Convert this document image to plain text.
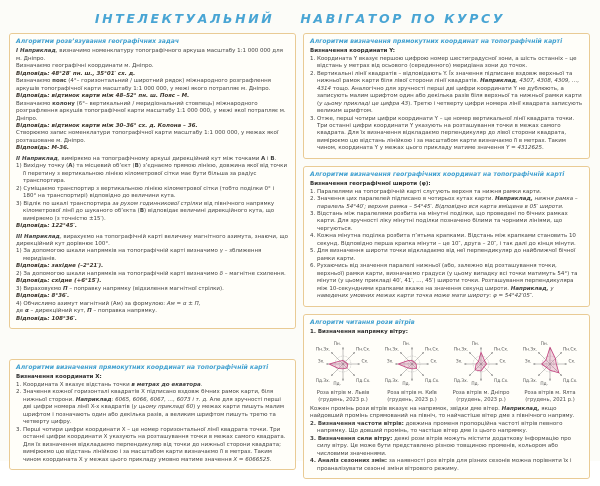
ІНТЕЛЕКТУАЛЬНИЙ НАВІГАТОР ПО КУРСУ
Алгоритми розв’язування географічних задач

І Наприклад, визначимо номенклатуру топографічного аркуша масштабу 1:1 000 000 для м. Дніпро.

Визначаємо географічні координати м. Дніпро.

Відповідь: 48°28′ пн. ш., 35°01′ сх. д.

Визначаємо пояс (4°– горизонтальний / широтний рядок) міжнародного розграфлення аркушів топографічної карти масштабу 1:1 000 000, у межі якого потрапляє м. Дніпро.

Відповідь: відтинок карти між 48–52° пн. ш. Пояс – М.

Визначаємо колону (6°– вертикальний / меридіональний стовпець) міжнародного розграфлення аркушів топографічної карти масштабу 1:1 000 000, у межі якої потрапляє м. Дніпро.

Відповідь: відтинок карти між 30–36° сх. д. Колона – 36.

Створюємо запис номенклатури топографічної карти масштабу 1:1 000 000, у межах якої розташоване м. Дніпро.

Відповідь: М-36.

ІІ Наприклад, виміряємо на топографічному аркуші дирекційний кут між точками А і В.

1) Вихідну точку (А) та місцевий об’єкт (В) з’єднаємо прямою лінією, довжина якої від точки її перетину з вертикальною лінією кілометрової сітки має бути більша за радіус транспортира.

2) Суміщаємо транспортир з вертикальною лінією кілометрової сітки (тобто поділки 0° і 180° на транспортирі) відповідно до величини кута.

3) Відлік по шкалі транспортира за рухом годинникової стрілки від північного напрямку кілометрової лінії до шуканого об’єкта (В) відповідає величині дирекційного кута, що виміряємо (з точністю ±15′).

Відповідь: 122°45′.

ІІІ Наприклад, вирахуємо на топографічній карті величину магнітного азимута, знаючи, що дирекційний кут дорівнює 100°.

1) За допомогою шкали напрямків на топографічній карті визначимо γ – зближення меридіанів.

Відповідь: західне (–2°21′).

2) За допомогою шкали напрямків на топографічній карті визначимо δ – магнітне схилення.

Відповідь: східне (+6°15′).

3) Вираховуємо П – поправку напрямку (відхилення магнітної стрілки).

Відповідь: 8°36′.

4) Обчислимо азимут магнітний (Ам) за формулою: Ам = α ± П,

де α – дирекційний кут, П – поправка напрямку.

Відповідь: 108°36′.

Алгоритми визначення прямокутних координат на топографічній карті

Визначення координати X:

1. Координата X вказує відстань точки в метрах до екватора.

2. Значення кожної горизонталі квадратів X підписано вздовж бічних рамок карти, біля нижньої сторони. Наприклад: 6065, 6066, 6067, …, 6073 і т. д. Але для зручності перші дві цифри номера лінії X-х квадратів (у цьому прикладі 60) у межах карти пишуть малим шрифтом і позначають один або декілька разів, а великим шрифтом пишуть третю та четверту цифру.

3. Перші чотири цифри координати X – це номер горизонтальної лінії квадрата точки. Три останні цифри координати X указують на розташування точки в межах самого квадрата. Для їх визначення відкладаємо перпендикуляр від точки до нижньої сторони квадрата; вимірюємо цю відстань лінійкою і за масштабом карти визначаємо її в метрах. Таким чином координата X у межах цього прикладу умовно матиме значення X = 6066525.

Алгоритми визначення прямокутних координат на топографічній карті

Визначення координати Y:

1. Координата Y вказує першою цифрою номер шестиградусної зони, а шість останніх – це відстань у метрах від осьового (серединного) меридіана зони до точок.

2. Вертикальні лінії квадратів – відповідають Y. Їх значення підписане вздовж верхньої та нижньої рамок карти біля лівої сторони лінії квадратів. Наприклад, 4307, 4308, 4309, …, 4314 тощо. Аналогічно для зручності перші дві цифри координати Y не дублюють, а записують малим шрифтом один або декілька разів біля верхньої та нижньої рамки карти (у цьому прикладі це цифра 43). Третю і четверту цифри номера лінії квадрата записують великим шрифтом.

3. Отже, перші чотири цифри координати Y – це номер вертикальної лінії квадрата точки. Три останні цифри координати Y указують на розташування точки в межах самого квадрата. Для їх визначення відкладаємо перпендикуляр до лівої сторони квадрата, вимірюємо цю відстань лінійкою і за масштабом карти визначаємо її в метрах. Таким чином, координата Y у межах цього прикладу матиме значення Y = 4312625.

Алгоритми визначення географічних координат на топографічній карті

Визначення географічної широти (φ):

1. Паралелями на топографічній карті слугують верхня та нижня рамки карти.

2. Значення цих паралелей підписано в чотирьох кутах карти. Наприклад, нижня рамка – паралель 54°40′; верхня рамка – 54°45′. Відповідно вся карта вміщена в 05′ широти.

3. Відстань між паралелями розбита на мінутні поділки, що проведені по бічних рамках карти. Для зручності ліку мінутні поділки позначено білими та чорними лініями, що чергуються.

4. Кожна мінутна поділка розбита п’ятьма крапками. Відстань між крапками становить 10 секунд. Відповідно перша крапка мінути – це 10″, друга – 20″, і так далі до кінця мінути.

5. Для визначення широти точки відкладаємо від неї перпендикуляр до найближчої бічної рамки карти.

6. Рухаючись від значення паралелі нижньої (або, залежно від розташування точки, верхньої) рамки карти, визначаємо градуси (у цьому випадку всі точки матимуть 54°) та мінути (у цьому прикладі 40′, 41′, …, 45′) широти точки. Розташування перпендикуляра між 10-секундними крапками вкаже на значення секунд широти. Наприклад, у наведених умовних межах карти точка може мати широту: φ = 54°42′05″.

Алгоритм читання рози вітрів

1. Визначення напрямку вітру:

Пн.
Пн.Сх.
Сх.
Пд.Сх.
Пд.
Пд.Зх.
Зх.
Пн.Зх.
Роза вітрів м. Львів
(грудень, 2023 р.)
Пн.
Пн.Сх.
Сх.
Пд.Сх.
Пд.
Пд.Зх.
Зх.
Пн.Зх.
Роза вітрів м. Київ
(грудень, 2023 р.)
Пн.
Пн.Сх.
Сх.
Пд.Сх.
Пд.
Пд.Зх.
Зх.
Пн.Зх.
Роза вітрів м. Дніпро
(грудень, 2023 р.)
Пн.
Пн.Сх.
Сх.
Пд.Сх.
Пд.
Пд.Зх.
Зх.
Пн.Зх.
Роза вітрів м. Ялта
(грудень, 2021 р.)

Кожен промінь рози вітрів вказує на напрямок, звідки дме вітер. Наприклад, якщо найдовший промінь спрямований на північ, то найчастіше вітер дме з північного напряму.

2. Визначення частоти вітрів: довжина променя пропорційна частоті вітрів певного напрямку. Що довший промінь, то частіше вітер дме із цього напрямку.

3. Визначення сили вітру: деякі рози вітрів можуть містити додаткову інформацію про силу вітру. Це може бути представлено різною товщиною променів, кольором або числовими значеннями.

4. Аналіз сезонних змін: за наявності роз вітрів для різних сезонів можна порівняти їх і проаналізувати сезонні зміни вітрового режиму.
